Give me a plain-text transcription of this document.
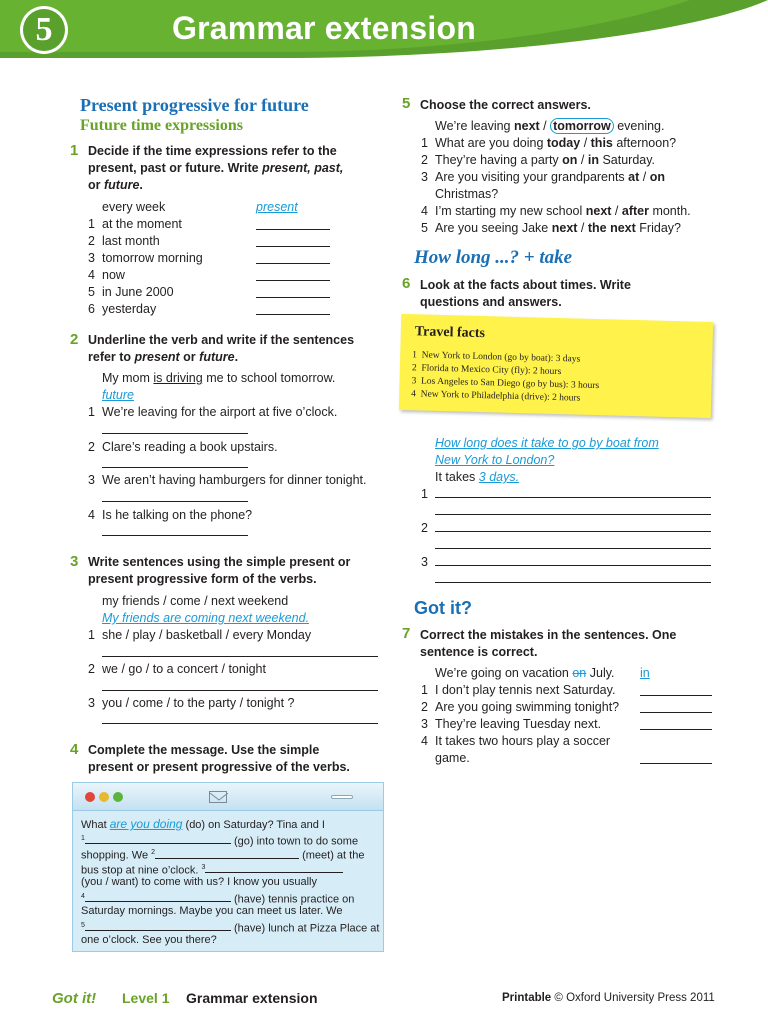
5	Grammar extension
Present progressive for future
Future time expressions
1 Decide if the time expressions refer to the
present, past or future. Write present, past,
or future.
every week	present
1 at the moment
2 last month
3 tomorrow morning
4 now
5 in June 2000
6 yesterday
2 Underline the verb and write if the sentences
refer to present or future.
My mom is driving me to school tomorrow.
future
1 We’re leaving for the airport at five o’clock.
2 Clare’s reading a book upstairs.
3 We aren’t having hamburgers for dinner tonight.
4 Is he talking on the phone?
3 Write sentences using the simple present or
present progressive form of the verbs.
my friends / come / next weekend
My friends are coming next weekend.
1 she / play / basketball / every Monday
2 we / go / to a concert / tonight
3 you / come / to the party / tonight ?
4 Complete the message. Use the simple
present or present progressive of the verbs.
What are you doing (do) on Saturday? Tina and I
$^1$	(go) into town to do some
shopping. We $^2$	(meet) at the
bus stop at nine o’clock. $^3$
(you / want) to come with us? I know you usually
$^4$	(have) tennis practice on
Saturday mornings. Maybe you can meet us later. We
$^5$	(have) lunch at Pizza Place at
one o’clock. See you there?
5 Choose the correct answers.
We’re leaving next / tomorrow evening.
1 What are you doing today / this afternoon?
2 They’re having a party on / in Saturday.
3 Are you visiting your grandparents at / on
Christmas?
4 I’m starting my new school next / after month.
5 Are you seeing Jake next / the next Friday?
How long ...? + take
6 Look at the facts about times. Write
questions and answers.
Travel facts
1  New York to London (go by boat): 3 days
2  Florida to Mexico City (fly): 2 hours
3  Los Angeles to San Diego (go by bus): 3 hours
4  New York to Philadelphia (drive): 2 hours
How long does it take to go by boat from
New York to London?
It takes 3 days.
1
2
3
Got it?
7 Correct the mistakes in the sentences. One
sentence is correct.
We’re going on vacation on July. in
1 I don’t play tennis next Saturday.
2 Are you going swimming tonight?
3 They’re leaving Tuesday next.
4 It takes two hours play a soccer
game.
Got it! Level 1 Grammar extension	Printable © Oxford University Press 2011
